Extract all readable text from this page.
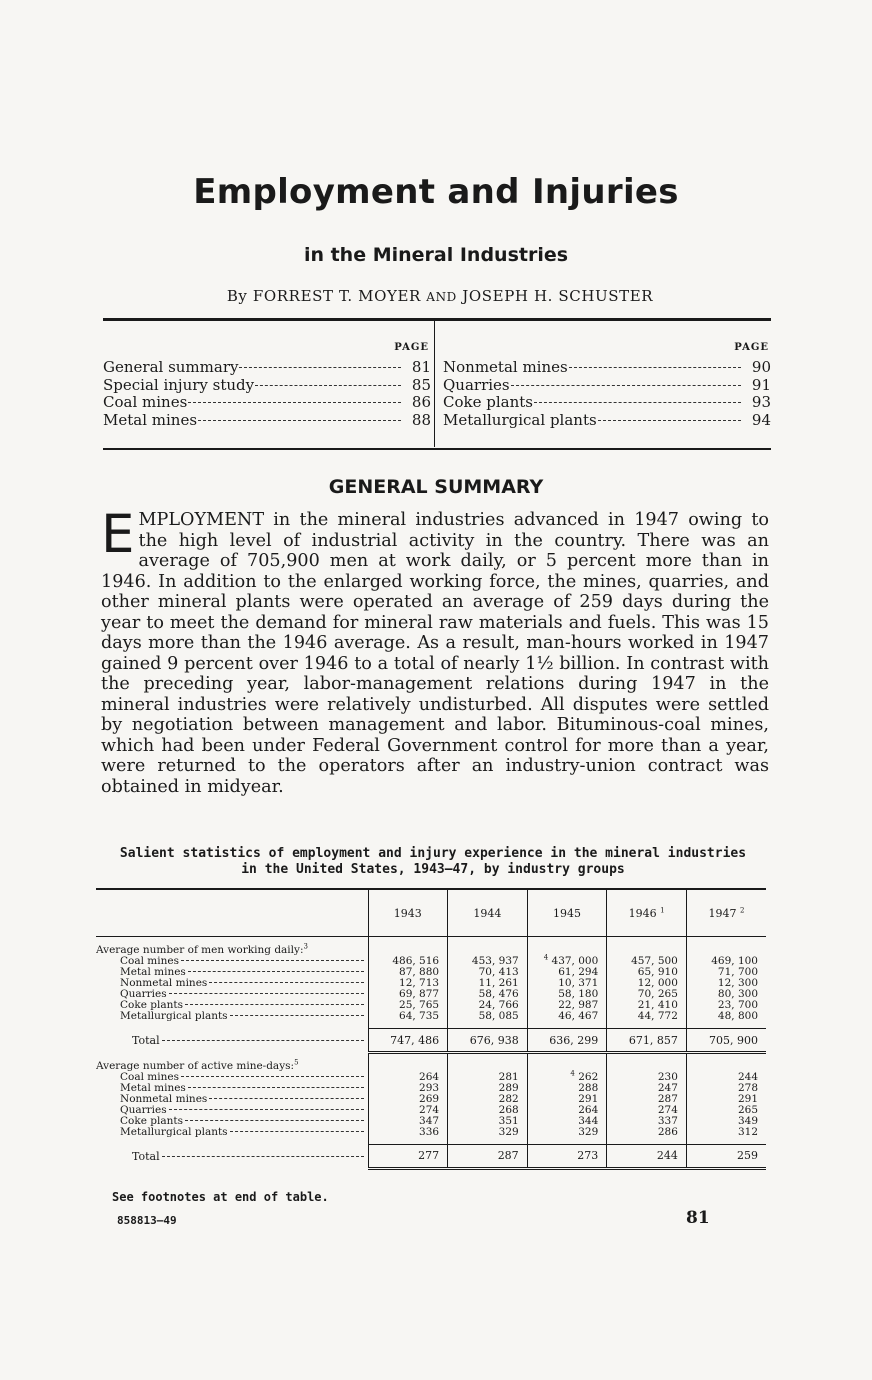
Employment and Injuries
in the Mineral Industries
By FORREST T. MOYER AND JOSEPH H. SCHUSTER
PAGE
General summary	81
Special injury study	85
Coal mines	86
Metal mines	88
PAGE
Nonmetal mines	90
Quarries	91
Coke plants	93
Metallurgical plants	94
GENERAL SUMMARY
EMPLOYMENT in the mineral industries advanced in 1947 owing to the high level of industrial activity in the country. There was an average of 705,900 men at work daily, or 5 percent more than in 1946. In addition to the enlarged working force, the mines, quarries, and other mineral plants were operated an average of 259 days during the year to meet the demand for mineral raw materials and fuels. This was 15 days more than the 1946 average. As a result, man-hours worked in 1947 gained 9 percent over 1946 to a total of nearly 1½ billion. In contrast with the preceding year, labor-management relations during 1947 in the mineral industries were relatively undisturbed. All disputes were settled by negotiation between management and labor. Bituminous-coal mines, which had been under Federal Government control for more than a year, were returned to the operators after an industry-union contract was obtained in midyear.
Salient statistics of employment and injury experience in the mineral industries
in the United States, 1943–47, by industry groups
	1943	1944	1945	1946 $^1$	1947 $^2$
Average number of men working daily:$^3$					

Coal mines	486, 516	453, 937	$^4$ 437, 000	457, 500	469, 100

Metal mines	87, 880	70, 413	61, 294	65, 910	71, 700

Nonmetal mines	12, 713	11, 261	10, 371	12, 000	12, 300

Quarries	69, 877	58, 476	58, 180	70, 265	80, 300

Coke plants	25, 765	24, 766	22, 987	21, 410	23, 700

Metallurgical plants	64, 735	58, 085	46, 467	44, 772	48, 800

Total	747, 486	676, 938	636, 299	671, 857	705, 900
Average number of active mine-days:$^5$					

Coal mines	264	281	$^4$ 262	230	244

Metal mines	293	289	288	247	278

Nonmetal mines	269	282	291	287	291

Quarries	274	268	264	274	265

Coke plants	347	351	344	337	349

Metallurgical plants	336	329	329	286	312

Total	277	287	273	244	259
See footnotes at end of table.
858813—49	81
